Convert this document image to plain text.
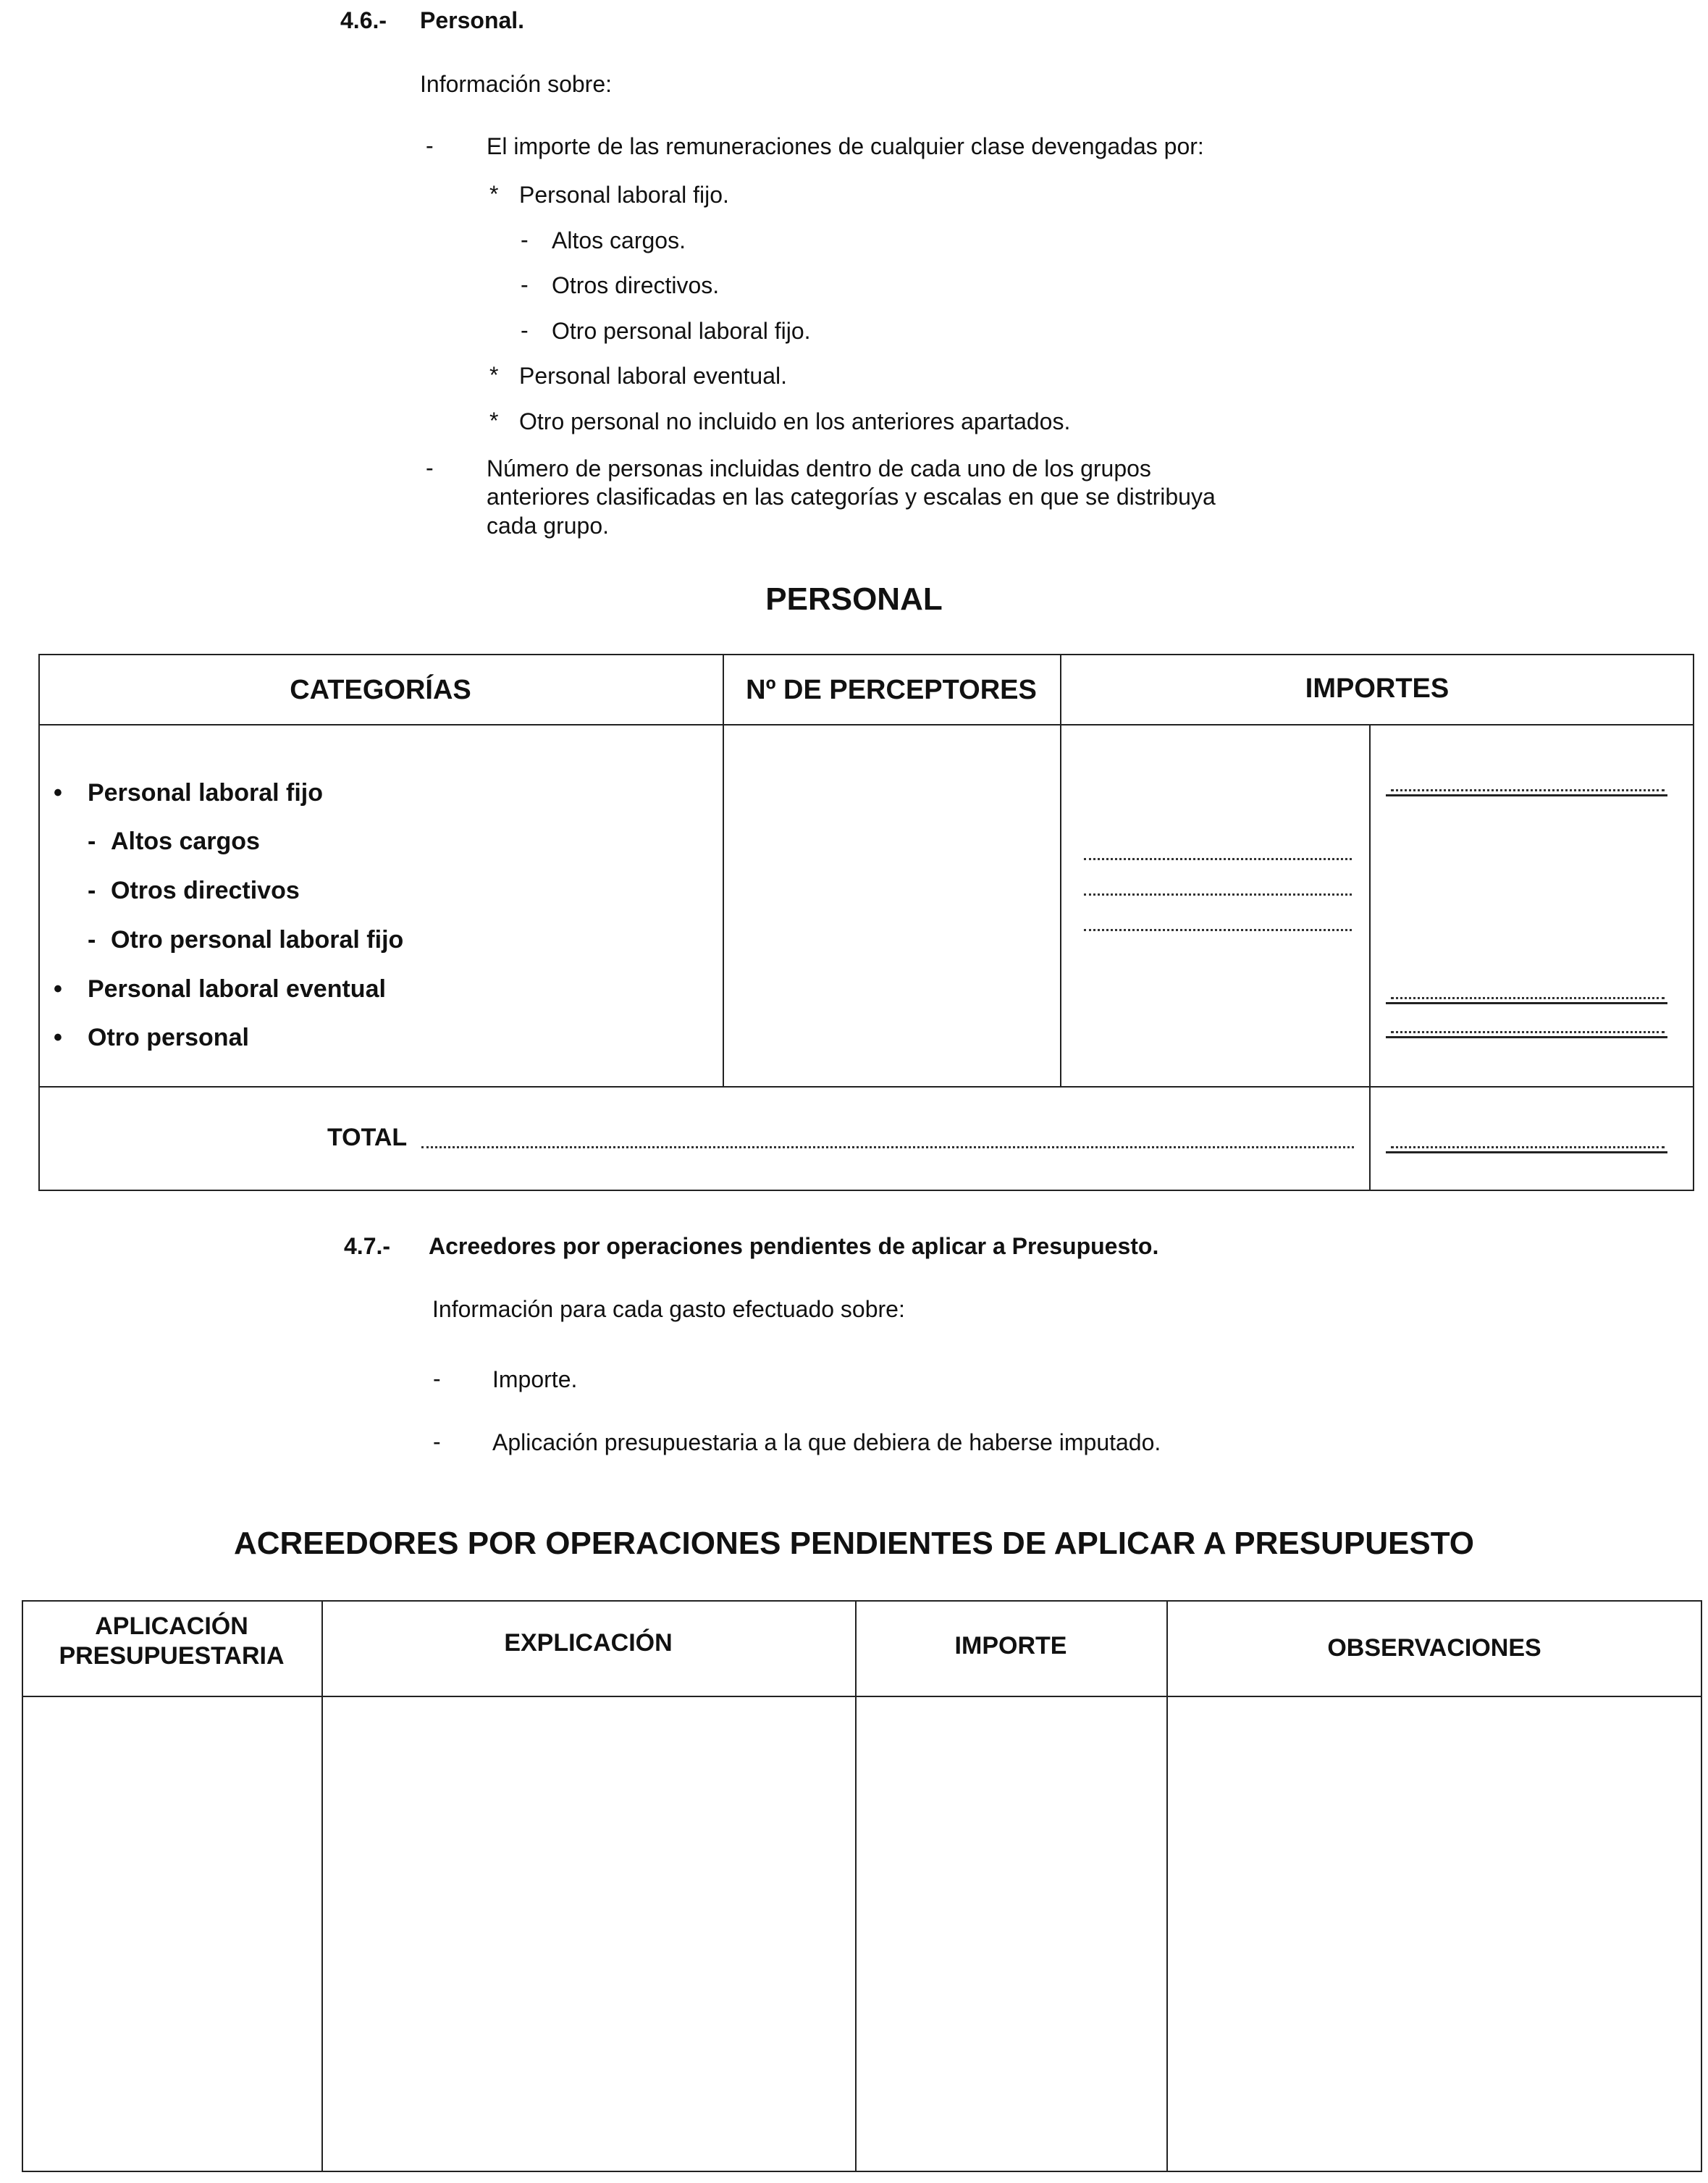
4.6.- Personal.
Información sobre:
- El importe de las remuneraciones de cualquier clase devengadas por:
* Personal laboral fijo.
- Altos cargos.
- Otros directivos.
- Otro personal laboral fijo.
* Personal laboral eventual.
* Otro personal no incluido en los anteriores apartados.
- Número de personas incluidas dentro de cada uno de los grupos
anteriores clasificadas en las categorías y escalas en que se distribuya
cada grupo.
PERSONAL
CATEGORÍAS	Nº DE PERCEPTORES	IMPORTES
• Personal laboral fijo
- Altos cargos
- Otros directivos
- Otro personal laboral fijo
• Personal laboral eventual
• Otro personal
TOTAL
4.7.- Acreedores por operaciones pendientes de aplicar a Presupuesto.
Información para cada gasto efectuado sobre:
- Importe.
- Aplicación presupuestaria a la que debiera de haberse imputado.
ACREEDORES POR OPERACIONES PENDIENTES DE APLICAR A PRESUPUESTO
APLICACIÓN
PRESUPUESTARIA	EXPLICACIÓN	IMPORTE	OBSERVACIONES
